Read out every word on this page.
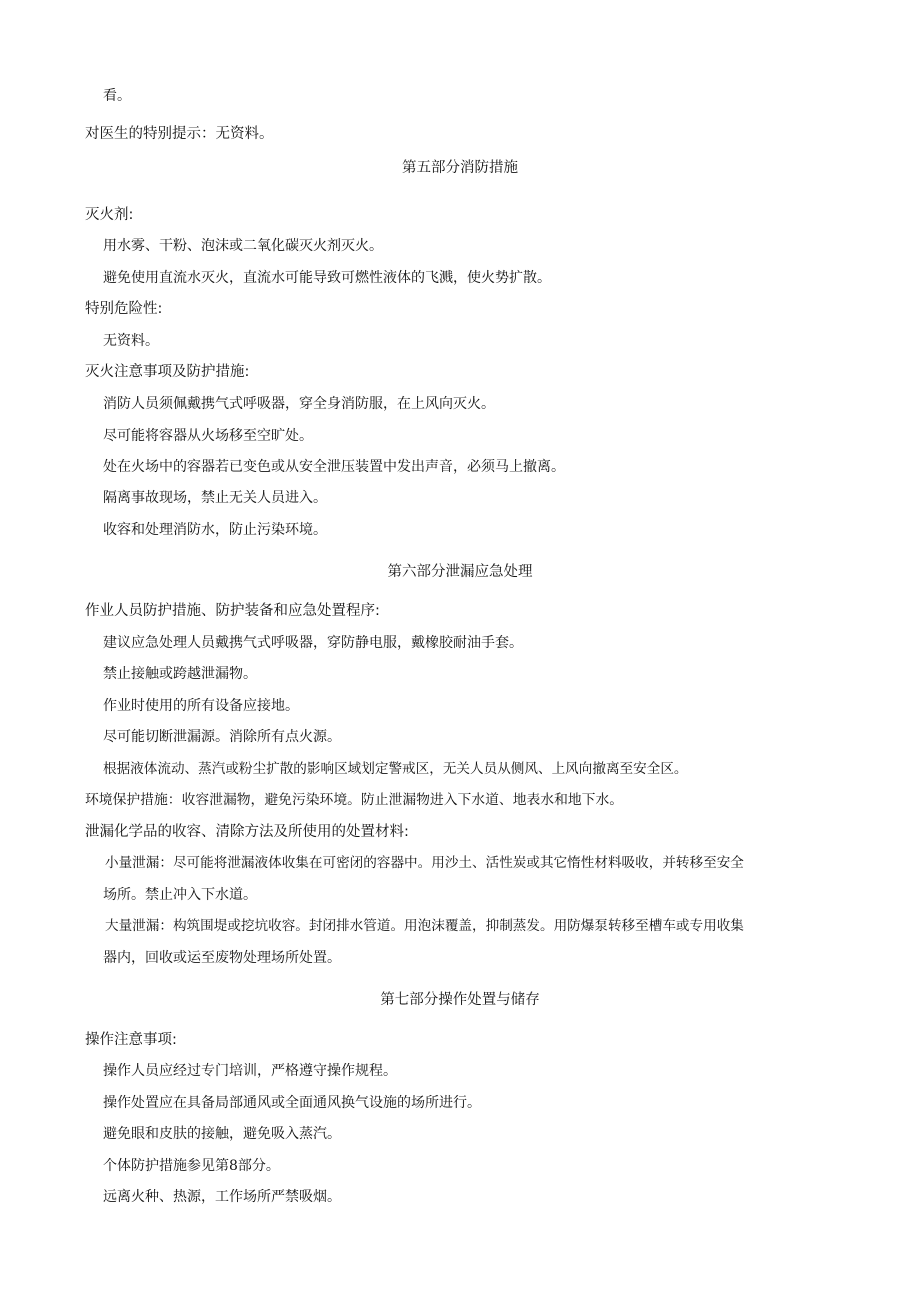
看。
对医生的特别提示：无资料。
第五部分消防措施
灭火剂:
用水雾、干粉、泡沫或二氧化碳灭火剂灭火。
避免使用直流水灭火，直流水可能导致可燃性液体的飞溅，使火势扩散。
特别危险性:
无资料。
灭火注意事项及防护措施:
消防人员须佩戴携气式呼吸器，穿全身消防服，在上风向灭火。
尽可能将容器从火场移至空旷处。
处在火场中的容器若已变色或从安全泄压装置中发出声音，必须马上撤离。
隔离事故现场，禁止无关人员进入。
收容和处理消防水，防止污染环境。
第六部分泄漏应急处理
作业人员防护措施、防护装备和应急处置程序:
建议应急处理人员戴携气式呼吸器，穿防静电服，戴橡胶耐油手套。
禁止接触或跨越泄漏物。
作业时使用的所有设备应接地。
尽可能切断泄漏源。消除所有点火源。
根据液体流动、蒸汽或粉尘扩散的影响区域划定警戒区，无关人员从侧风、上风向撤离至安全区。
环境保护措施：收容泄漏物，避免污染环境。防止泄漏物进入下水道、地表水和地下水。
泄漏化学品的收容、清除方法及所使用的处置材料:
小量泄漏：尽可能将泄漏液体收集在可密闭的容器中。用沙土、活性炭或其它惰性材料吸收，并转移至安全
场所。禁止冲入下水道。
大量泄漏：构筑围堤或挖坑收容。封闭排水管道。用泡沫覆盖，抑制蒸发。用防爆泵转移至槽车或专用收集
器内，回收或运至废物处理场所处置。
第七部分操作处置与储存
操作注意事项:
操作人员应经过专门培训，严格遵守操作规程。
操作处置应在具备局部通风或全面通风换气设施的场所进行。
避免眼和皮肤的接触，避免吸入蒸汽。
个体防护措施参见第8部分。
远离火种、热源，工作场所严禁吸烟。
